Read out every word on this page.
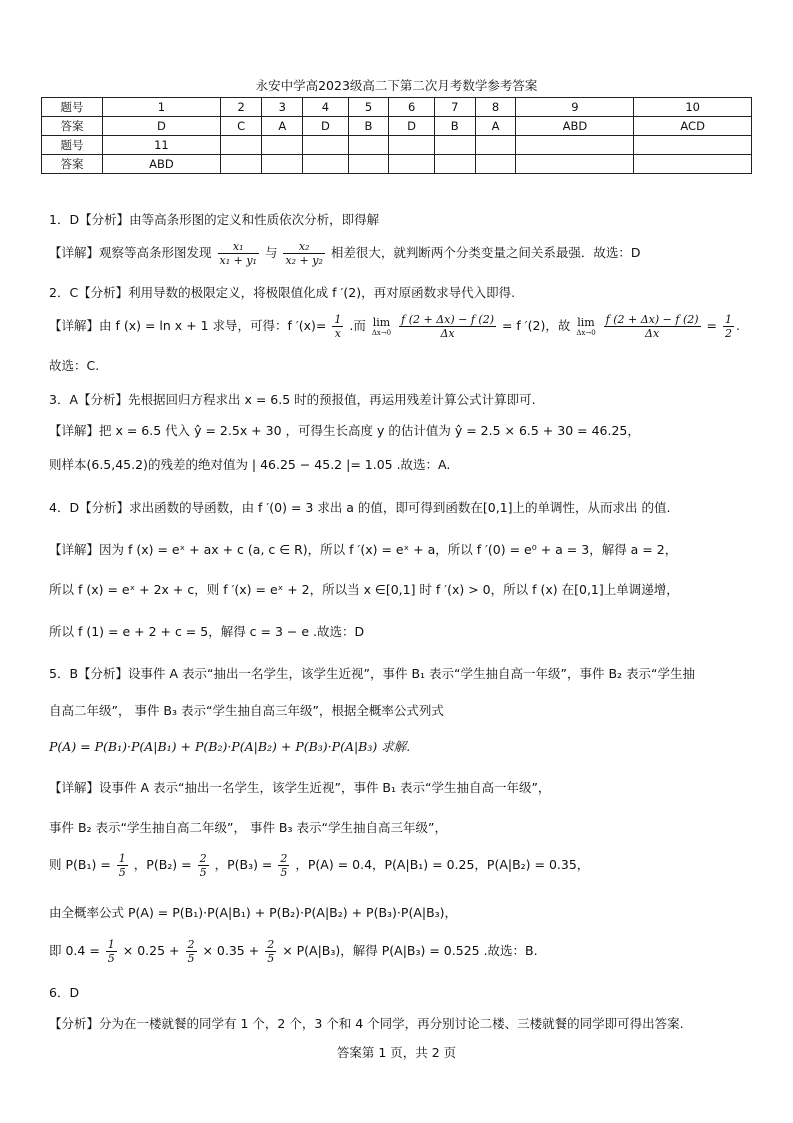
永安中学高2023级高二下第二次月考数学参考答案
题号	1	2	3	4	5	6	7	8	9	10
答案	D	C	A	D	B	D	B	A	ABD	ACD
题号	11									
答案	ABD									
1．D【分析】由等高条形图的定义和性质依次分析，即得解
【详解】观察等高条形图发现 $\frac{\text{x₁}}{\text{x₁ + y₁}}$ 与 $\frac{\text{x₂}}{\text{x₂ + y₂}}$ 相差很大，就判断两个分类变量之间关系最强．故选：D
2．C【分析】利用导数的极限定义，将极限值化成 f ′(2)，再对原函数求导代入即得.
【详解】由 f (x) = ln x + 1 求导，可得：f $'(x)= \frac{1}{x}$ .而 lim
Δx→0
$\frac{f (2 + \Delta x) - f (2)}{\Delta x} = f$ ′(2)，故 lim
Δx→0
$\frac{f (2 + \Delta x) - f (2)}{\Delta x} = \frac{1}{2}$ .
故选：C.
3．A【分析】先根据回归方程求出 x = 6.5 时的预报值，再运用残差计算公式计算即可.
【详解】把 x = 6.5 代入 ŷ = 2.5x + 30 ，可得生长高度 y 的估计值为 ŷ = 2.5 × 6.5 + 30 = 46.25，
则样本(6.5,45.2)的残差的绝对值为 | 46.25 − 45.2 |= 1.05 .故选：A.
4．D【分析】求出函数的导函数，由 f ′(0) = 3 求出 a 的值，即可得到函数在[0,1]上的单调性，从而求出 的值.
【详解】因为 f (x) = eˣ + ax + c (a, c ∈ R)，所以 f ′(x) = eˣ + a，所以 f ′(0) = e⁰ + a = 3，解得 a = 2，
所以 f (x) = eˣ + 2x + c，则 f ′(x) = eˣ + 2，所以当 x ∈[0,1] 时 f ′(x) > 0，所以 f (x) 在[0,1]上单调递增，
所以 f (1) = e + 2 + c = 5，解得 c = 3 − e .故选：D
5．B【分析】设事件 A 表示“抽出一名学生，该学生近视”，事件 B₁ 表示“学生抽自高一年级”，事件 B₂ 表示“学生抽
自高二年级”， 事件 B₃ 表示“学生抽自高三年级”，根据全概率公式列式
P(A) = P(B₁)·P(A|B₁) + P(B₂)·P(A|B₂) + P(B₃)·P(A|B₃) 求解.
【详解】设事件 A 表示“抽出一名学生，该学生近视”，事件 B₁ 表示“学生抽自高一年级”，
事件 B₂ 表示“学生抽自高二年级”， 事件 B₃ 表示“学生抽自高三年级”，
则 $P(B_1) = \frac{1}{5}$ ，$P(B_2) = \frac{2}{5}$ ，$P(B_3) = \frac{2}{5}$ ，P(A) = 0.4，P(A|B₁) = 0.25，P(A|B₂) = 0.35，
由全概率公式 P(A) = P(B₁)·P(A|B₁) + P(B₂)·P(A|B₂) + P(B₃)·P(A|B₃)，
即 $0.4 = \frac{1}{5} \times 0.25 + \frac{2}{5} \times 0.35 + \frac{2}{5} \times P(A|B_3)$，解得 P(A|B₃) = 0.525 .故选：B.
6．D
【分析】分为在一楼就餐的同学有 1 个，2 个，3 个和 4 个同学，再分别讨论二楼、三楼就餐的同学即可得出答案.
答案第 1 页，共 2 页
